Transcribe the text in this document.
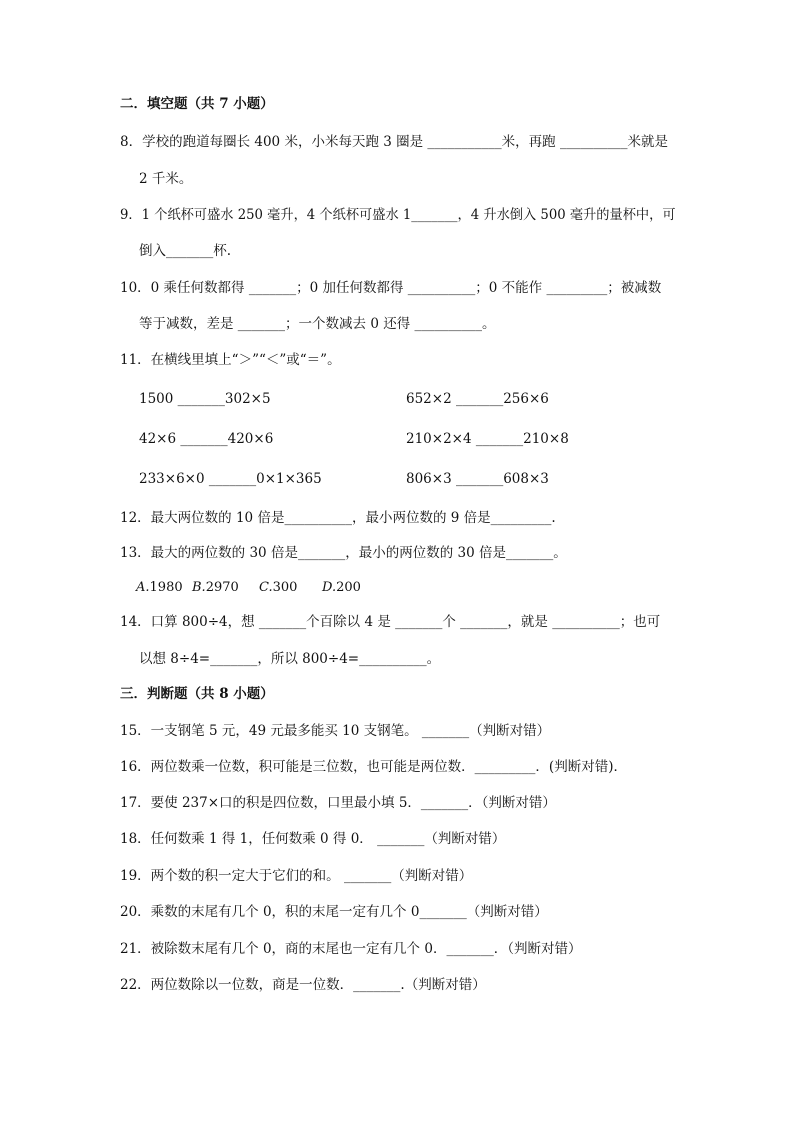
二．填空题（共 7 小题）
8．学校的跑道每圈长 400 米，小米每天跑 3 圈是 ___________米，再跑 __________米就是
2 千米。
9．1 个纸杯可盛水 250 毫升，4 个纸杯可盛水 1_______，4 升水倒入 500 毫升的量杯中，可
倒入_______杯.
10．0 乘任何数都得 _______；0 加任何数都得 __________；0 不能作 _________；被减数
等于减数，差是 _______；一个数减去 0 还得 __________。
11．在横线里填上“＞”“＜”或“＝”。
1500 _______302×5	652×2 _______256×6
42×6 _______420×6	210×2×4 _______210×8
233×6×0 _______0×1×365	806×3 _______608×3
12．最大两位数的 10 倍是__________，最小两位数的 9 倍是_________.
13．最大的两位数的 30 倍是_______，最小的两位数的 30 倍是_______。
A.1980 B.2970 C.300 D.200
14．口算 800÷4，想 _______个百除以 4 是 _______个 _______，就是 __________；也可
以想 8÷4=_______，所以 800÷4=__________。
三．判断题（共 8 小题）
15．一支钢笔 5 元，49 元最多能买 10 支钢笔。 _______（判断对错）
16．两位数乘一位数，积可能是三位数，也可能是两位数．_________．(判断对错)．
17．要使 237×口的积是四位数，口里最小填 5．_______．（判断对错）
18．任何数乘 1 得 1，任何数乘 0 得 0． _______（判断对错）
19．两个数的积一定大于它们的和。 _______（判断对错）
20．乘数的末尾有几个 0，积的末尾一定有几个 0_______（判断对错）
21．被除数末尾有几个 0，商的末尾也一定有几个 0．_______．（判断对错）
22．两位数除以一位数，商是一位数．_______.（判断对错）
